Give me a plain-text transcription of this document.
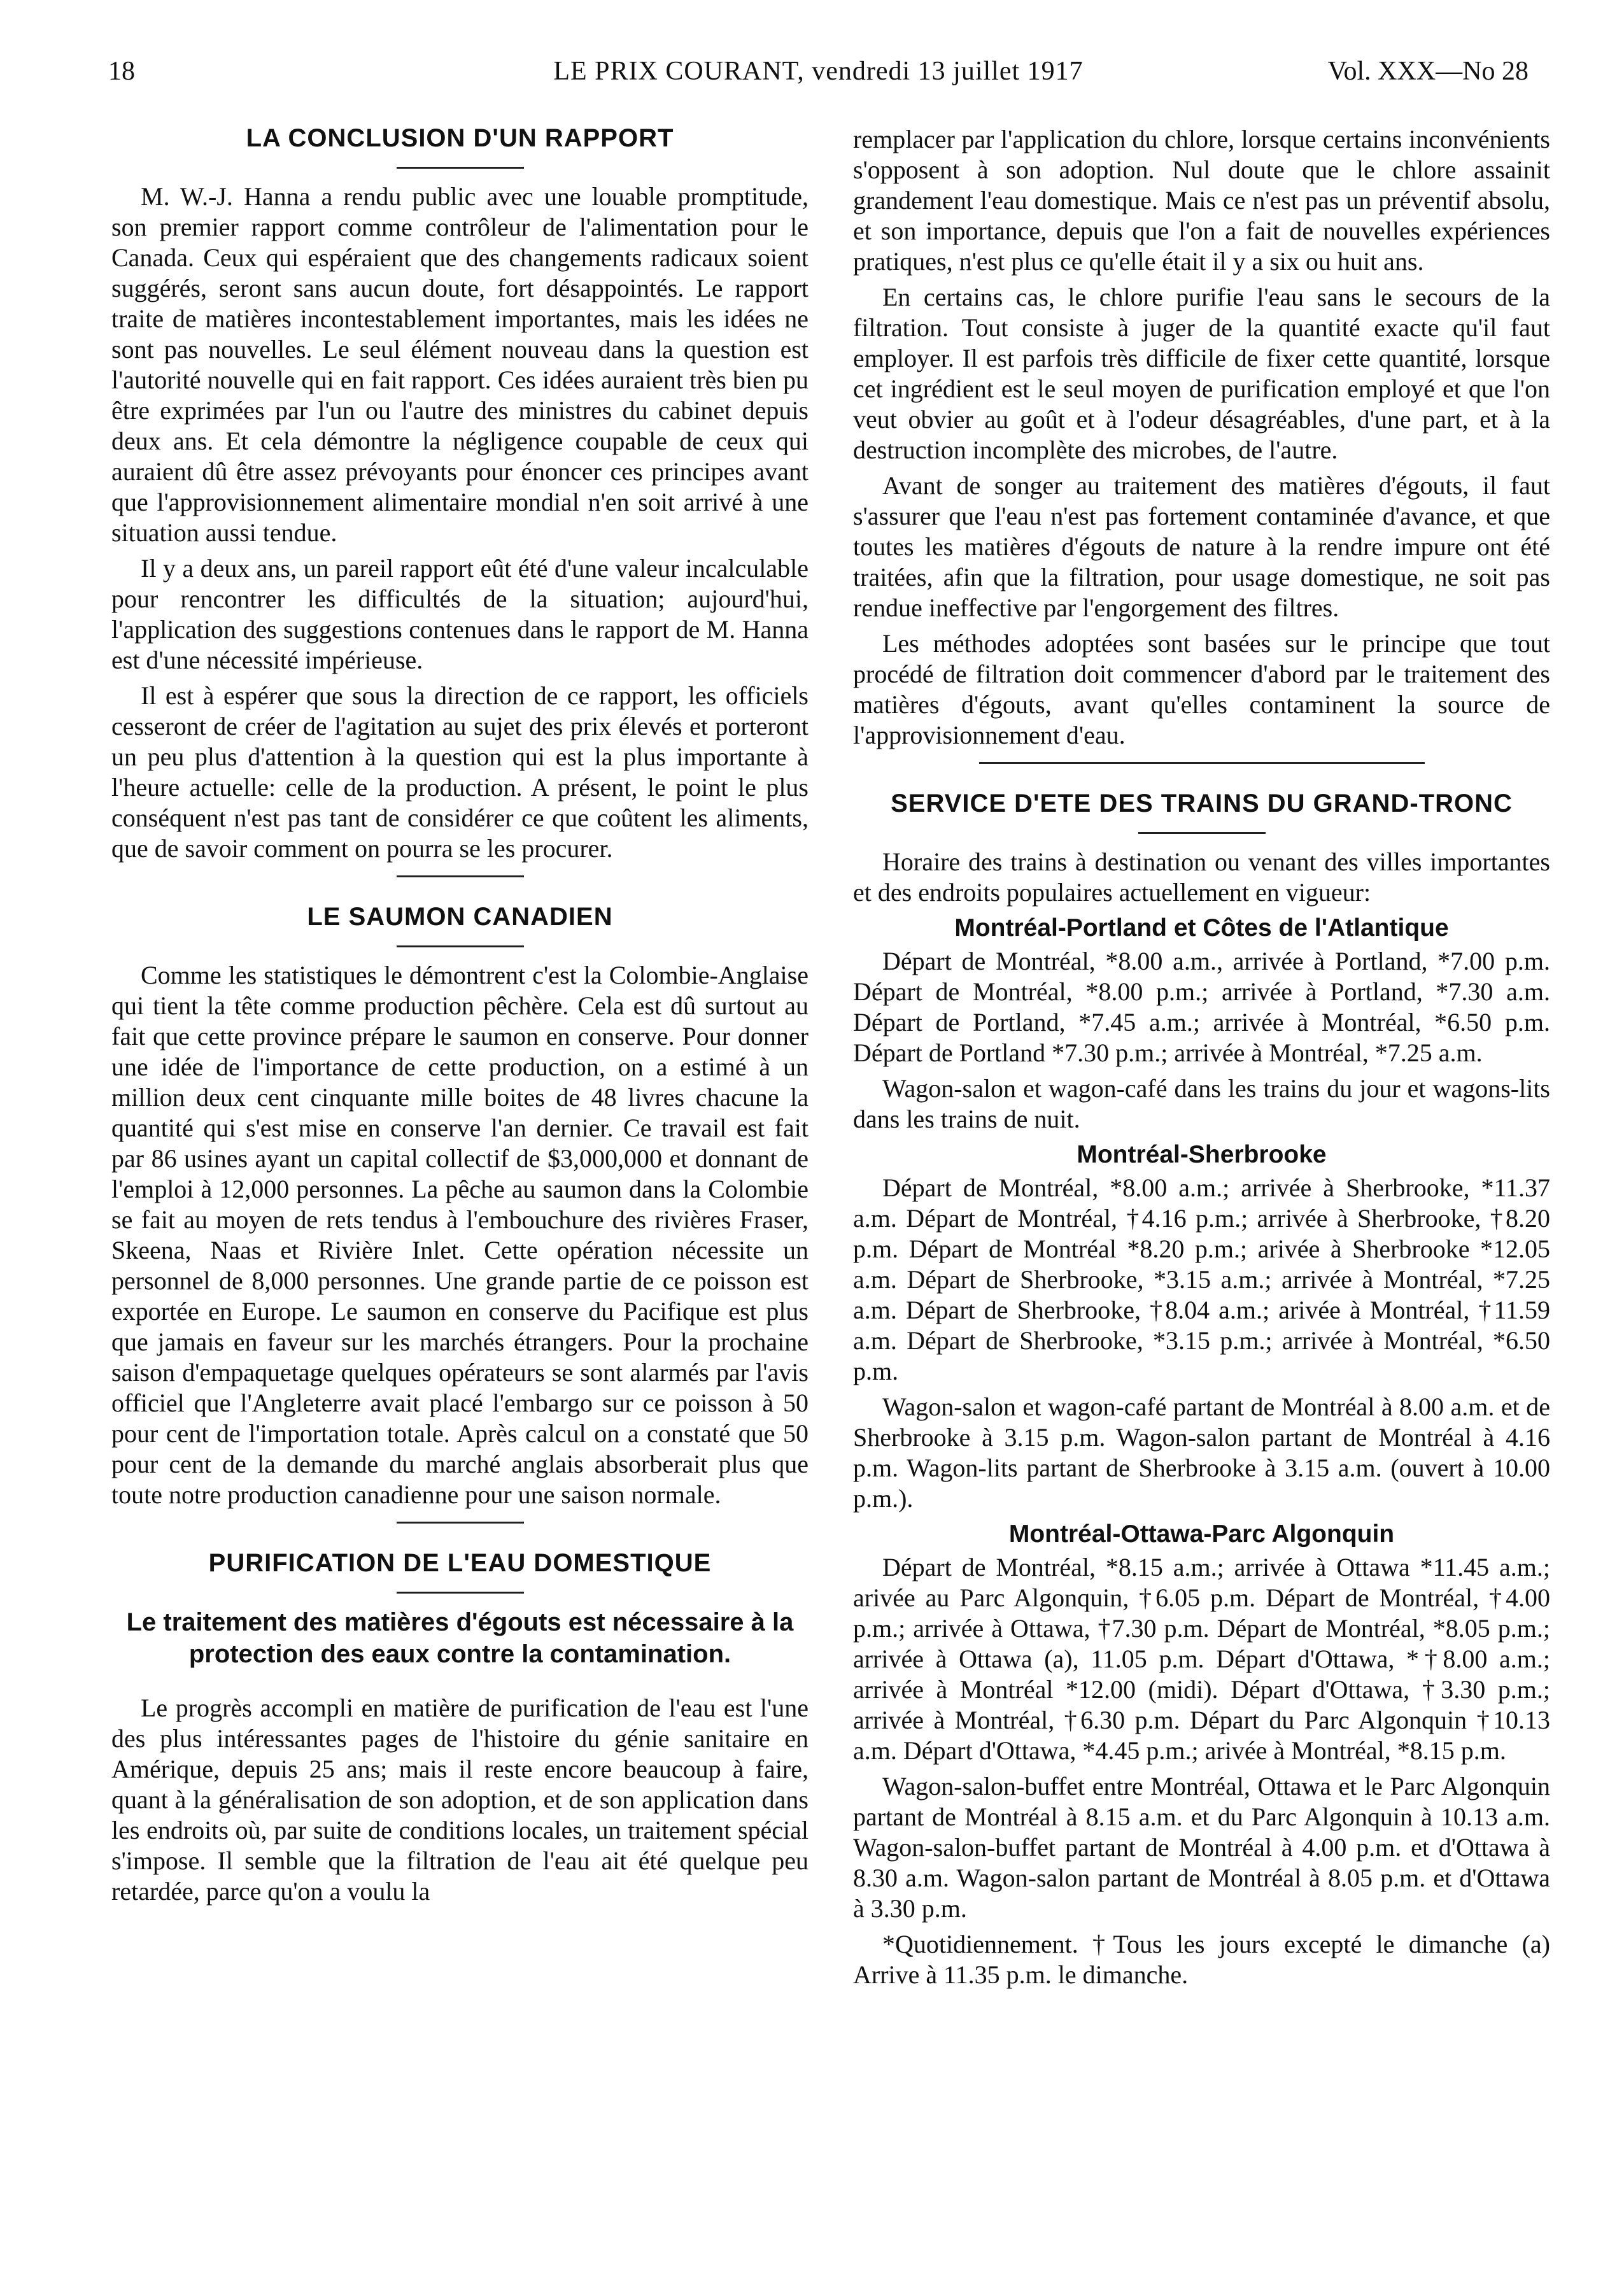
18	LE PRIX COURANT, vendredi 13 juillet 1917	Vol. XXX—No 28
LA CONCLUSION D'UN RAPPORT

M. W.-J. Hanna a rendu public avec une louable promptitude, son premier rapport comme contrôleur de l'alimentation pour le Canada. Ceux qui espéraient que des changements radicaux soient suggérés, seront sans aucun doute, fort désappointés. Le rapport traite de matières incontestablement importantes, mais les idées ne sont pas nouvelles. Le seul élément nouveau dans la question est l'autorité nouvelle qui en fait rapport. Ces idées auraient très bien pu être exprimées par l'un ou l'autre des ministres du cabinet depuis deux ans. Et cela démontre la négligence coupable de ceux qui auraient dû être assez prévoyants pour énoncer ces principes avant que l'approvisionnement alimentaire mondial n'en soit arrivé à une situation aussi tendue.

Il y a deux ans, un pareil rapport eût été d'une valeur incalculable pour rencontrer les difficultés de la situation; aujourd'hui, l'application des suggestions contenues dans le rapport de M. Hanna est d'une nécessité impérieuse.

Il est à espérer que sous la direction de ce rapport, les officiels cesseront de créer de l'agitation au sujet des prix élevés et porteront un peu plus d'attention à la question qui est la plus importante à l'heure actuelle: celle de la production. A présent, le point le plus conséquent n'est pas tant de considérer ce que coûtent les aliments, que de savoir comment on pourra se les procurer.

LE SAUMON CANADIEN

Comme les statistiques le démontrent c'est la Colombie-Anglaise qui tient la tête comme production pêchère. Cela est dû surtout au fait que cette province prépare le saumon en conserve. Pour donner une idée de l'importance de cette production, on a estimé à un million deux cent cinquante mille boites de 48 livres chacune la quantité qui s'est mise en conserve l'an dernier. Ce travail est fait par 86 usines ayant un capital collectif de $3,000,000 et donnant de l'emploi à 12,000 personnes. La pêche au saumon dans la Colombie se fait au moyen de rets tendus à l'embouchure des rivières Fraser, Skeena, Naas et Rivière Inlet. Cette opération nécessite un personnel de 8,000 personnes. Une grande partie de ce poisson est exportée en Europe. Le saumon en conserve du Pacifique est plus que jamais en faveur sur les marchés étrangers. Pour la prochaine saison d'empaquetage quelques opérateurs se sont alarmés par l'avis officiel que l'Angleterre avait placé l'embargo sur ce poisson à 50 pour cent de l'importation totale. Après calcul on a constaté que 50 pour cent de la demande du marché anglais absorberait plus que toute notre production canadienne pour une saison normale.

PURIFICATION DE L'EAU DOMESTIQUE
Le traitement des matières d'égouts est nécessaire à la protection des eaux contre la contamination.

Le progrès accompli en matière de purification de l'eau est l'une des plus intéressantes pages de l'histoire du génie sanitaire en Amérique, depuis 25 ans; mais il reste encore beaucoup à faire, quant à la généralisation de son adoption, et de son application dans les endroits où, par suite de conditions locales, un traitement spécial s'impose. Il semble que la filtration de l'eau ait été quelque peu retardée, parce qu'on a voulu la

remplacer par l'application du chlore, lorsque certains inconvénients s'opposent à son adoption. Nul doute que le chlore assainit grandement l'eau domestique. Mais ce n'est pas un préventif absolu, et son importance, depuis que l'on a fait de nouvelles expériences pratiques, n'est plus ce qu'elle était il y a six ou huit ans.

En certains cas, le chlore purifie l'eau sans le secours de la filtration. Tout consiste à juger de la quantité exacte qu'il faut employer. Il est parfois très difficile de fixer cette quantité, lorsque cet ingrédient est le seul moyen de purification employé et que l'on veut obvier au goût et à l'odeur désagréables, d'une part, et à la destruction incomplète des microbes, de l'autre.

Avant de songer au traitement des matières d'égouts, il faut s'assurer que l'eau n'est pas fortement contaminée d'avance, et que toutes les matières d'égouts de nature à la rendre impure ont été traitées, afin que la filtration, pour usage domestique, ne soit pas rendue ineffective par l'engorgement des filtres.

Les méthodes adoptées sont basées sur le principe que tout procédé de filtration doit commencer d'abord par le traitement des matières d'égouts, avant qu'elles contaminent la source de l'approvisionnement d'eau.

SERVICE D'ETE DES TRAINS DU GRAND-TRONC

Horaire des trains à destination ou venant des villes importantes et des endroits populaires actuellement en vigueur:

Montréal-Portland et Côtes de l'Atlantique

Départ de Montréal, *8.00 a.m., arrivée à Portland, *7.00 p.m. Départ de Montréal, *8.00 p.m.; arrivée à Portland, *7.30 a.m. Départ de Portland, *7.45 a.m.; arrivée à Montréal, *6.50 p.m. Départ de Portland *7.30 p.m.; arrivée à Montréal, *7.25 a.m.

Wagon-salon et wagon-café dans les trains du jour et wagons-lits dans les trains de nuit.

Montréal-Sherbrooke

Départ de Montréal, *8.00 a.m.; arrivée à Sherbrooke, *11.37 a.m. Départ de Montréal, †4.16 p.m.; arrivée à Sherbrooke, †8.20 p.m. Départ de Montréal *8.20 p.m.; arivée à Sherbrooke *12.05 a.m. Départ de Sherbrooke, *3.15 a.m.; arrivée à Montréal, *7.25 a.m. Départ de Sherbrooke, †8.04 a.m.; arivée à Montréal, †11.59 a.m. Départ de Sherbrooke, *3.15 p.m.; arrivée à Montréal, *6.50 p.m.

Wagon-salon et wagon-café partant de Montréal à 8.00 a.m. et de Sherbrooke à 3.15 p.m. Wagon-salon partant de Montréal à 4.16 p.m. Wagon-lits partant de Sherbrooke à 3.15 a.m. (ouvert à 10.00 p.m.).

Montréal-Ottawa-Parc Algonquin

Départ de Montréal, *8.15 a.m.; arrivée à Ottawa *11.45 a.m.; arivée au Parc Algonquin, †6.05 p.m. Départ de Montréal, †4.00 p.m.; arrivée à Ottawa, †7.30 p.m. Départ de Montréal, *8.05 p.m.; arrivée à Ottawa (a), 11.05 p.m. Départ d'Ottawa, *†8.00 a.m.; arrivée à Montréal *12.00 (midi). Départ d'Ottawa, †3.30 p.m.; arrivée à Montréal, †6.30 p.m. Départ du Parc Algonquin †10.13 a.m. Départ d'Ottawa, *4.45 p.m.; arivée à Montréal, *8.15 p.m.

Wagon-salon-buffet entre Montréal, Ottawa et le Parc Algonquin partant de Montréal à 8.15 a.m. et du Parc Algonquin à 10.13 a.m. Wagon-salon-buffet partant de Montréal à 4.00 p.m. et d'Ottawa à 8.30 a.m. Wagon-salon partant de Montréal à 8.05 p.m. et d'Ottawa à 3.30 p.m.

*Quotidiennement. †Tous les jours excepté le dimanche (a) Arrive à 11.35 p.m. le dimanche.
